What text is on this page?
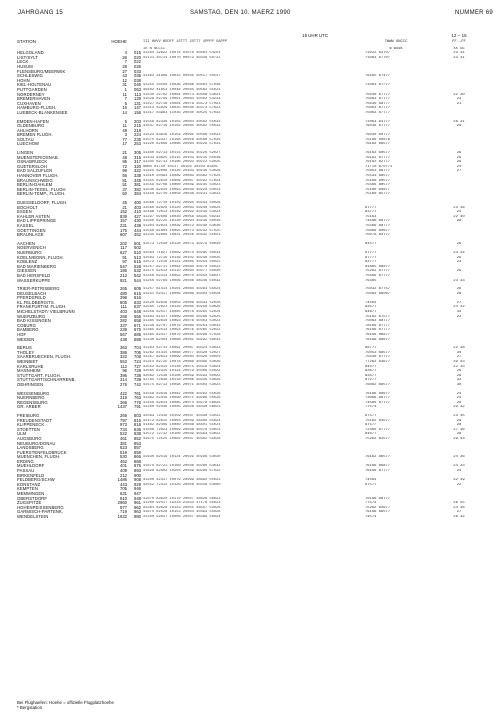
JAHRGANG 15	SAMSTAG, DEN 10. MAERZ 1990	NUMMER 69
			15 UHR UTC			12 -- 15
STATION	HOEHE		III HHVV NDDFF 1STTT 2STTT 4PPPP 5APPP		7WWW 8NCCC	FF--FF
			Ih N NCCCI		W W4W4	XX GG
HELGOLAND	4	015	41264 32622 10078 01070 40463 54253		71022 62707	23 31
LIST/SYLT	26	020	41121 30714 10070 00072 40330 50722		71063 6770/	23 31
LECK	7	022				
HUSUM	28	026				
FLENSBURG/MEERWIK	27	033				
SCHLESWIG	43	035	41462 31909 10033 00040 40517 50537		76165 67477	
HOHN	12	038				
KIEL-HOLTENAU	31	046	41255 33109 10036 20066 40463 57036		71063 67/77	
PUTTGARDEN	1	063	46482 41653 10048 20045 40563 55023			
NORDERNEY	11	113	41540 22702 10084 00074 40568 54024		75030 87777	22 30
BREMERHAVEN	7	129	41529 82799 10091 20084 40362 54233		75063 8777/	23
CUXHAVEN	5	131	41227 82718 10081 20078 40373 57023		75030 88777	21
HAMBURG-FLUGH.	16	147	41313 82929 10035 00030 40373 57023		75063 87777	
LUEBECK-BLANKENSEE	14	156	41317 83993 11036 20040 40525 57033		75063 87777	

EMDEN-HAFEN	5	203	41559 82336 10103 20084 40562 55033		71063 83777	26 31
OLDENBURG	11	215	41537 82716 10102 20085 40562 55033		76036 67777	29
AHLHORN	49	218				
BREMEN FLUGH.	3	224	41523 83616 10102 20095 40566 55023		76030 80777	
SOLTAU	77	235	41575 82337 10168 20056 40568 57026		75166 80876	
LUECHOW	17	253	41220 82009 10096 20094 40226 57033		76162 66577	

LINGEN	21	305	41460 82713 10113 20103 40226 52027		76163 60577	29
MUENSTER/OSNAB.	48	315	41443 83625 10115 20103 40235 55036		76162 87777	29
OSNABRUECK	95	317	41345 82713 10106 20093 40222 52025		76162 82777	29
GUETERSLOH	72	320	NNNO 81710 10117 30104 30104 830OL		7I/I0 8/0771	24
BAD SALZUFLEN	99	322	41325 82606 10126 20103 40236 53026		75053 88777	27
HANNOVER FLUGH.	56	338	41310 20494 10089 20083 40362 57023		75533 88577	
BRAUNSCHWEIG	81	348	41355 82610 10086 20067 40292 57024		75166 80577	
BERLIN-DAHLEM	51	381	41559 82708 10060 20049 40235 54023		75566 80577	
BERLIN-TEGEL, FLUGH	37	382	41540 82910 10093 20030 40228 54023		75160 8087/	
BERLIN-TEMP., FLUGH.	50	384	41450 82710 10058 20036 40231 54023		75160 85777	

DUESSELDORF, FLUGH.	45	400	42568 72710 10129 20095 40243 50026			
BOCHOLT	21	403	41560 82626 10120 20083 40240 50023		87777	23 36
ESSEN	152	410	42468 72613 10139 20092 40239 53024		83777	24
KAHLER ASTEN	839	427	41297 02506 10036 20058 48335 50232		75163	22 40
BAD LIPPSPRINGE	157	430	41500 62725 10138 20094 40239 50036		74566 80777	28
KASSEL	231	438	41204 82024 10039 20072 40240 54030		75566 88777	
GOETTINGEN	175	444	41556 81604 10095 20073 40232 57025		75066 80877	
BRAUNLAGE	607	452	41235 82606 10031 20026 40332 55053		75076 82777	

AACHEN	202	501	42573 72530 10128 20073 40279 50030		84577	26
NOERVENICH	117	502				
NUERBURG	627	510	42563 71627 10089 20073 40285 50034		87777	23 34
KOELN/BONN, FLUGH.	91	513	42563 72716 10136 20102 40248 50025		87777	29
KOBLENZ	97	515	42572 72516 10131 20085 40254 50022		83777	23
BAD MARIENBERG	547	526	41257 82711 10084 20080 40279 50022		81865 88877	
GIESSEN	186	532	41475 82513 10110 20094 40277 50020		75262 8777/	29
BAD HERSFELD	212	542	41356 82313 10093 20070 40250 56027		75566 87777	
WASSERKUPPE	921	544	41250 02799 10066 20046 48346 50032		76365	23 33

TRIER-PETRISBERG	265	609	41257 81414 10101 20084 40283 55024		75032 87757	26
DEUSELBACH	480	615	41251 82417 10086 20080 40303 55028		75063 86067	28
PFERDSFELD	396	616				
KL.FELDBERG/TS.	805	633	41520 82916 10063 20068 40343 52028		74564	27
FRANKFURT/M. FLUGH.	111	637	42565 72623 10126 20085 40258 54026		83577	24 32
MICHELSTADT/ VIELBRUNN	403	648	42258 82517 10085 20078 40295 52024		84677	33
WUERZBURG	268	655	41463 81417 10089 20080 40286 52025		75162 8757/	23
BAD KISSINGEN	282	658	41365 82610 10093 20076 40303 53022		75063 88777	
COBURG	337	671	41230 82707 10076 20060 40263 54033		78166 8777/	
BAMBERG	239	675	41365 82513 10093 20076 40285 52022		76166 87777	
HOF	567	685	41365 82417 10070 20046 40298 57028		76166 8687/	
WEIDEN	438	688	41230 82403 10088 20062 40292 56033		76166 88877	

BERUS	363	704	41263 82713 10091 20087 40324 53023		88777	22 38
THOLEY	386	706	41262 81415 10088 20077 40320 52027		75053 88577	30
SAARBRUECKEN, FLUGH.	322	708	41357 82613 10099 20084 40326 50020		75030 87777	27
WEINBIET	553	724	41314 82725 10078 20068 40399 53026		77262 83677	39 43
KARLSRUHE	112	727	42552 82415 10136 20075 40318 53024		84477	22 33
MANNHEIM	96	729	42565 82315 10124 20079 40309 55022		83677	26
STUTTGART, FLUGH.	396	738	42562 72518 10108 20059 40293 50022		83577	29
STUTTGART/SCHNARRENB.	314	739	42785 72636 10118 20066 40336 53026		87277	33
OEHRINGEN	276	742	41575 82712 10098 20071 40303 53023		76062 88577	30

WEISSENBURG	422	761	41558 82616 10082 20066 40292 55020		76166 88677	24
NUERNBERG	319	763	41362 82419 10090 20071 40286 55028		73066 88777	24
REGENSBURG	366	776	41456 82614 10085 20073 40279 56026		74566 87777	29
GR. ARBER	1437	791	41200 02436 10005 29026 48330 56023		77574	29 32

FREIBURG	269	803	42563 72416 10159 20037 40330 53022		87577	23 35
FREUDENSTADT	797	815	41472 82615 10063 20049 48408 55024		75162 83577	29
KLIPPENECK	973	818	41462 82409 10080 20046 48401 55024		8757/	28
STOETTEN	734	836	41508 72623 10069 20048 40378 53023		72360 87777	27 36
ULM	522	838	42572 72712 10100 20039 40393 53022		84677	28
AUGSBURG	461	852	41675 72525 10082 20037 40302 55028		75262 82577	29 43
NEUBURG/DONAU	381	853				
LANDSBERG	623	857				
FUERSTENFELDBRUCK	519	858				
MUENCHEN, FLUGH.	530	866	41630 82519 10124 20029 40298 54030		76162 86577	24 36
ERDING	462	868				
MUEHLDORF	401	875	41675 82721 10160 20048 40280 54032		76166 8687/	24 33
PASSAU	409	893	41628 82602 10203 20049 40288 57022		76166 8777/	24
BIRKENFELD	212	900				
FELDBERG/SCHW	1486	908	41200 42317 10079 20099 48692 55023		74564	32 49
KONSTANZ	443	929	42552 72312 10126 20058 40338 54000		87577	22
KEMPTEN	705	946				
MEMMINGEN	631	947				
OBERSTDORF	810	948	41670 83620 10170 20047 48626 56023		76166 8677/	
ZUGSPITZE	2960	961	41200 92517 19233 21033 47176 55023		77574	26 55
HOHENPEISSENBERG	977	962	41381 82628 10123 20055 48507 53026		75262 82677	24 36
GARMISCH-PARTENK.	719	963	41675 82528 10153 20044 40393 55028		76166 86577	27
WENDELSTEIN	1832	980	41200 92637 10006 20057 48389 56024		74574	26 32
Bei Flughaefen: Hoehe = offizielle Flugplatzhoehe
* Bergstation
